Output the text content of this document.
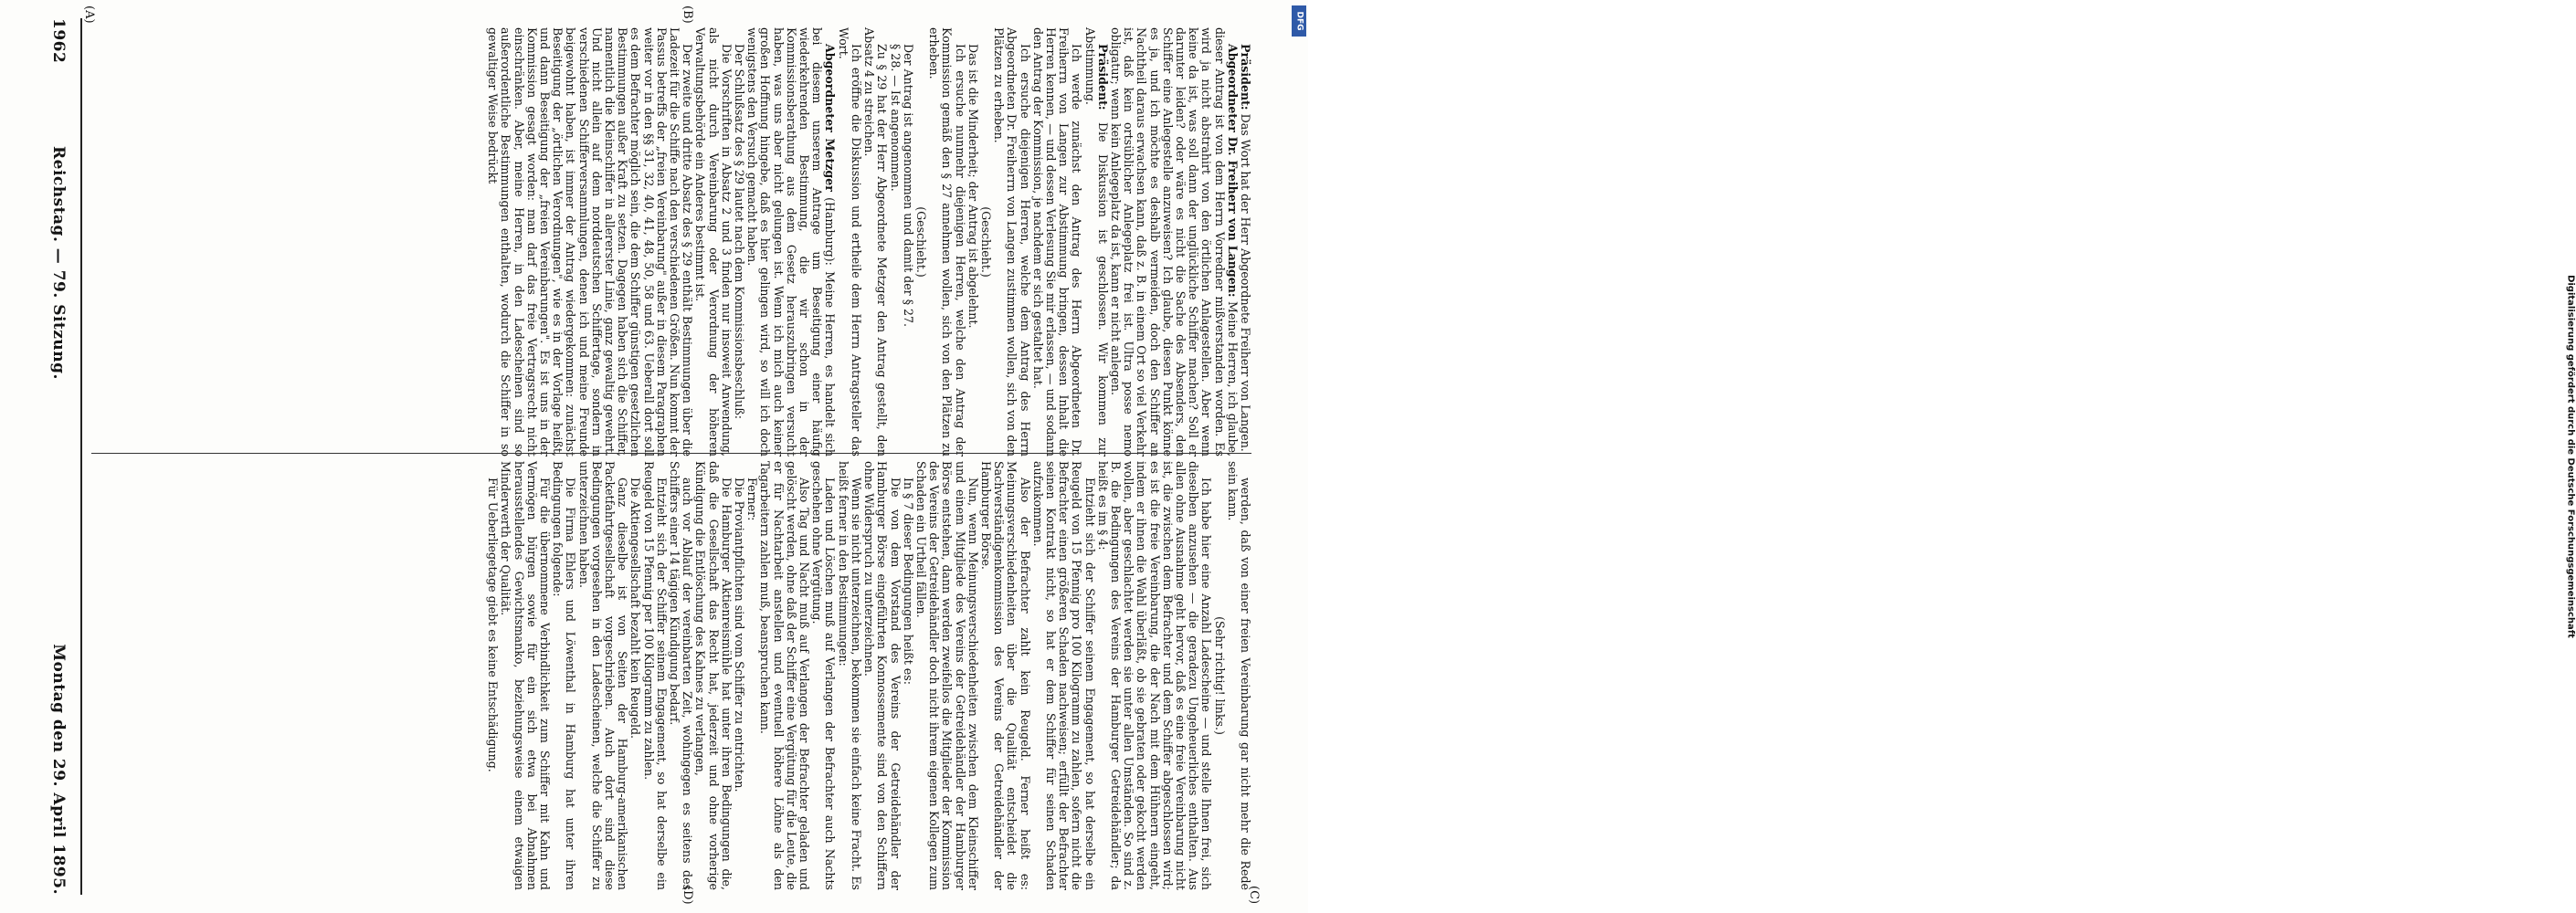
1962
Reichstag. — 79. Sitzung.
Montag den 29. April 1895.
(A)	(B)
(C)
(D)

Präsident: Das Wort hat der Herr Abgeordnete Freiherr von Langen.

Abgeordneter Dr. Freiherr von Langen: Meine Herren, ich glaube, dieser Antrag ist von dem Herrn Vorredner mißverstanden worden. Es wird ja nicht abstrahirt von den örtlichen Anlagestellen. Aber wenn keine da ist, was soll dann der unglückliche Schiffer machen? Soll er darunter leiden? oder wäre es nicht die Sache des Absenders, den Schiffer eine Anlegestelle anzuweisen? Ich glaube, diesen Punkt könne es ja, und ich möchte es deshalb vermeiden, doch den Schiffer an Nachtheil daraus erwachsen kann, daß z. B. in einem Ort so viel Verkehr ist, daß kein ortsüblicher Anlegeplatz frei ist. Ultra posse nemo obligatur; wenn kein Anlegeplatz da ist, kann er nicht anlegen.

Präsident: Die Diskussion ist geschlossen. Wir kommen zur Abstimmung.

Ich werde zunächst den Antrag des Herrn Abgeordneten Dr. Freiherrn von Langen zur Abstimmung bringen, dessen Inhalt die Herren kennen, — und dessen Verlesung Sie mir erlassen, — und sodann den Antrag der Kommission, je nachdem er sich gestaltet hat.

Ich ersuche diejenigen Herren, welche dem Antrag des Herrn Abgeordneten Dr. Freiherrn von Langen zustimmen wollen, sich von den Plätzen zu erheben.

(Geschieht.)

Das ist die Minderheit; der Antrag ist abgelehnt.

Ich ersuche nunmehr diejenigen Herren, welche den Antrag der Kommission gemäß den § 27 annehmen wollen, sich von den Plätzen zu erheben.

(Geschieht.)

Der Antrag ist angenommen und damit der § 27.

§ 28. — Ist angenommen.

Zu § 29 hat der Herr Abgeordnete Metzger den Antrag gestellt, den Absatz 4 zu streichen.

Ich eröffne die Diskussion und ertheile dem Herrn Antragsteller das Wort.

Abgeordneter Metzger (Hamburg): Meine Herren, es handelt sich bei diesem unserem Antrage um Beseitigung einer häufig wiederkehrenden Bestimmung, die wir schon in der Kommissionsberathung aus dem Gesetz herauszubringen versucht haben, was uns aber nicht gelungen ist. Wenn ich mich auch keiner großen Hoffnung hingebe, daß es hier gelingen wird, so will ich doch wenigstens den Versuch gemacht haben.

Der Schlußsatz des § 29 lautet nach dem Kommissionsbeschluß:

Die Vorschriften in Absatz 2 und 3 finden nur insoweit Anwendung, als nicht durch Vereinbarung oder Verordnung der höheren Verwaltungsbehörde ein Anderes bestimmt ist.

Der zweite und dritte Absatz des § 29 enthält Bestimmungen über die Ladezeit für die Schiffe nach den verschiedenen Größen. Nun kommt der Passus betreffs der „freien Vereinbarung" außer in diesem Paragraphen weiter vor in den §§ 31, 32, 40, 41, 48, 50, 58 und 63. Ueberall dort soll es dem Befrachter möglich sein, die dem Schiffer günstigen gesetzlichen Bestimmungen außer Kraft zu setzen. Dagegen haben sich die Schiffer, namentlich die Kleinschiffer in allererster Linie, ganz gewaltig gewehrt. Und nicht allein auf dem norddeutschen Schiffertage, sondern in verschiedenen Schifferversammlungen, denen ich und meine Freunde beigewohnt haben, ist immer der Antrag wiedergekommen: zunächst Beseitigung der „örtlichen Verordnungen", wie es in der Vorlage heißt, und dann Beseitigung der „freien Vereinbarungen". Es ist uns in der Kommission gesagt worden: man darf das freie Vertragsrecht nicht einschränken. Aber, meine Herren, in den Ladescheinen sind so außerordentliche Bestimmungen enthalten, wodurch die Schiffer in so gewaltiger Weise bedrückt

werden, daß von einer freien Vereinbarung gar nicht mehr die Rede sein kann.

(Sehr richtig! links.)

Ich habe hier eine Anzahl Ladescheine — und stelle Ihnen frei, sich dieselben anzusehen — die geradezu Ungeheuerliches enthalten. Aus allen ohne Ausnahme geht hervor, daß es eine freie Vereinbarung nicht ist, die zwischen dem Befrachter und dem Schiffer abgeschlossen wird; es ist die freie Vereinbarung, die der Nach mit dem Hühnern eingeht, indem er ihnen die Wahl überläßt, ob sie gebraten oder gekocht werden wollen, aber geschlachtet werden sie unter allen Umständen. So sind z. B. die Bedingungen des Vereins der Hamburger Getreidehändler; da heißt es im § 4:

Entzieht sich der Schiffer seinem Engagement, so hat derselbe ein Reugeld von 15 Pfennig pro 100 Kilogramm zu zahlen, sofern nicht die Befrachter einen größeren Schaden nachweisen; erfüllt der Befrachter seinen Kontrakt nicht, so hat er dem Schiffer für seinen Schaden aufzukommen.

Also der Befrachter zahlt kein Reugeld. Ferner heißt es: Meinungsverschiedenheiten über die Qualität entscheidet die Sachverständigenkommission des Vereins der Getreidehändler der Hamburger Börse.

Nun, wenn Meinungsverschiedenheiten zwischen dem Kleinschiffer und einem Mitgliede des Vereins der Getreidehändler der Hamburger Börse entstehen, dann werden zweifellos die Mitglieder der Kommission des Vereins der Getreidehändler doch nicht ihrem eigenen Kollegen zum Schaden ein Urtheil fällen.

In § 7 dieser Bedingungen heißt es:

Die von dem Vorstand des Vereins der Getreidehändler der Hamburger Börse eingeführten Konnossemente sind von den Schiffern ohne Widerspruch zu unterzeichnen.

Wenn sie nicht unterzeichnen, bekommen sie einfach keine Fracht. Es heißt ferner in den Bestimmungen:

Laden und Löschen muß auf Verlangen der Befrachter auch Nachts geschehen ohne Vergütung.

Also Tag und Nacht muß auf Verlangen der Befrachter geladen und gelöscht werden, ohne daß der Schiffer eine Vergütung für die Leute, die er für Nachtarbeit anstellen und eventuell höhere Löhne als den Tagarbeitern zahlen muß, beanspruchen kann.

Ferner:

Die Proviantpflichten sind vom Schiffer zu entrichten.

Die Hamburger Aktienreismühle hat unter ihren Bedingungen die, daß die Gesellschaft das Recht hat, jederzeit und ohne vorherige Kündigung die Entlöschung des Kahnes zu verlangen,

auch vor Ablauf der vereinbarten Zeit, wohingegen es seitens des Schiffers einer 14 tägigen Kündigung bedarf.

Entzieht sich der Schiffer seinem Engagement, so hat derselbe ein Reugeld von 15 Pfennig per 100 Kilogramm zu zahlen.

Die Aktiengesellschaft bezahlt kein Reugeld.

Ganz dieselbe ist von Seiten der Hamburg-amerikanischen Packetfahrtgesellschaft vorgeschrieben. Auch dort sind diese Bedingungen vorgesehen in den Ladescheinen, welche die Schiffer zu unterzeichnen haben.

Die Firma Ehlers und Löwenthal in Hamburg hat unter ihren Bedingungen folgende:

Für die übernommene Verbindlichkeit zum Schiffer mit Kahn und Vermögen bürgen sowie für ein sich etwa bei Abnahmen herausstellendes Gewichtsmanko, beziehungsweise einem etwaigen Minderwerth der Qualität.

Für Ueberliegetage giebt es keine Entschädigung.	Digitalisierung gefördert durch die Deutsche Forschungsgemeinschaft
DFG
